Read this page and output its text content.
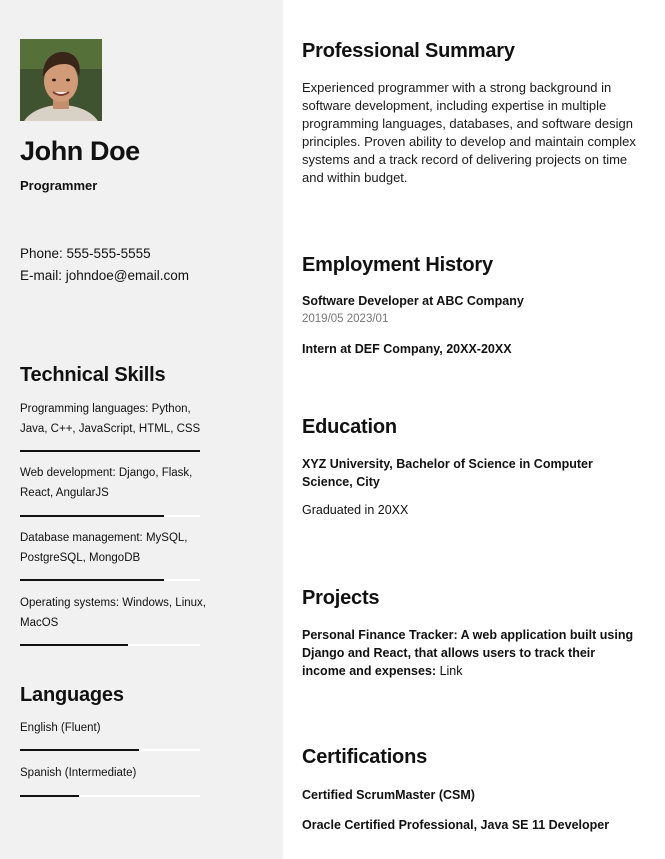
John Doe
Programmer
Phone: 555-555-5555
E-mail: johndoe@email.com
Technical Skills
Programming languages: Python, Java, C++, JavaScript, HTML, CSS
Web development: Django, Flask, React, AngularJS
Database management: MySQL, PostgreSQL, MongoDB
Operating systems: Windows, Linux, MacOS
Languages
English (Fluent)
Spanish (Intermediate)
Professional Summary
Experienced programmer with a strong background in software development, including expertise in multiple programming languages, databases, and software design principles. Proven ability to develop and maintain complex systems and a track record of delivering projects on time and within budget.
Employment History
Software Developer at ABC Company
2019/05 2023/01
Intern at DEF Company, 20XX-20XX
Education
XYZ University, Bachelor of Science in Computer Science, City
Graduated in 20XX
Projects
Personal Finance Tracker: A web application built using Django and React, that allows users to track their income and expenses: Link
Certifications
Certified ScrumMaster (CSM)
Oracle Certified Professional, Java SE 11 Developer
